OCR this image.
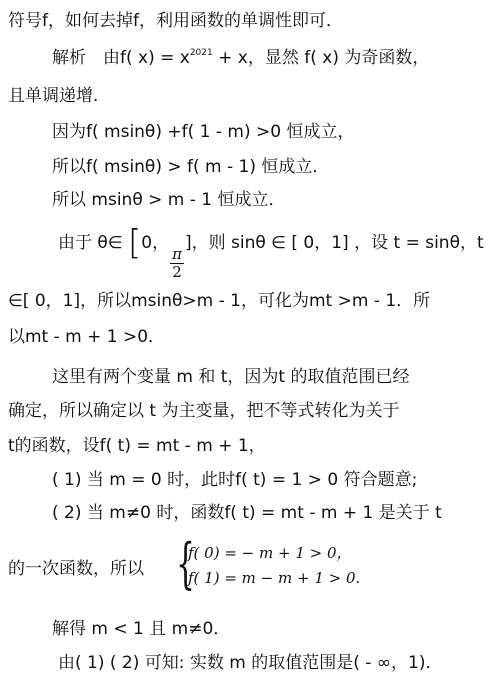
符号f，如何去掉f，利用函数的单调性即可．
解析　由f( $x) = x^{2021} + x$，显然 f( x) 为奇函数，
且单调递增．
因为f( msinθ) +f( 1 - m) >0 恒成立，
所以f( msinθ) > f( m - 1) 恒成立．
所以 msinθ > m - 1 恒成立．
由于 θ∈ [0，
$\frac{\pi}{2}$
]，则 sinθ ∈ [ 0，1] ，设 t = sinθ，t
∈[ 0，1]，所以msinθ>m - 1，可化为mt >m - 1．所
以mt - m + 1 >0．
这里有两个变量 m 和 t，因为t 的取值范围已经
确定，所以确定以 t 为主变量，把不等式转化为关于
t的函数，设f( t) = mt - m + 1，
( 1) 当 m = 0 时，此时f( t) = 1 > 0 符合题意;
( 2) 当 m≠0 时，函数f( t) = mt - m + 1 是关于 t
的一次函数，所以 {
f( 0) = − m + 1 > 0，
f( 1) = m − m + 1 > 0.
解得 m < 1 且 m≠0．
由( 1) ( 2) 可知: 实数 m 的取值范围是( - ∞，1)．
